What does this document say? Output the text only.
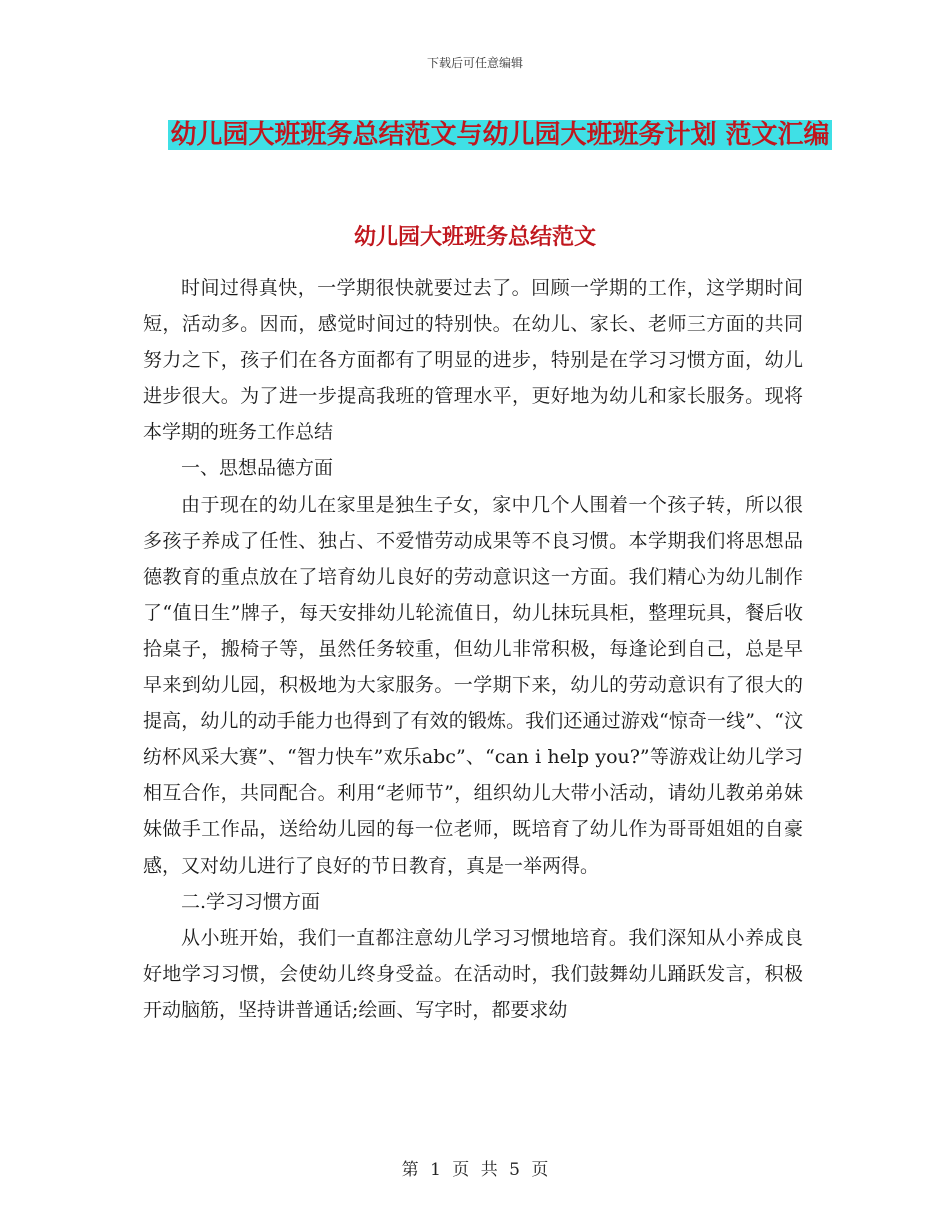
下载后可任意编辑
幼儿园大班班务总结范文与幼儿园大班班务计划 范文汇编
幼儿园大班班务总结范文

时间过得真快，一学期很快就要过去了。回顾一学期的工作，这学期时间短，活动多。因而，感觉时间过的特别快。在幼儿、家长、老师三方面的共同努力之下，孩子们在各方面都有了明显的进步，特别是在学习习惯方面，幼儿进步很大。为了进一步提高我班的管理水平，更好地为幼儿和家长服务。现将本学期的班务工作总结

一、思想品德方面

由于现在的幼儿在家里是独生子女，家中几个人围着一个孩子转，所以很多孩子养成了任性、独占、不爱惜劳动成果等不良习惯。本学期我们将思想品德教育的重点放在了培育幼儿良好的劳动意识这一方面。我们精心为幼儿制作了“值日生”牌子，每天安排幼儿轮流值日，幼儿抹玩具柜，整理玩具，餐后收拾桌子，搬椅子等，虽然任务较重，但幼儿非常积极，每逢论到自己，总是早早来到幼儿园，积极地为大家服务。一学期下来，幼儿的劳动意识有了很大的提高，幼儿的动手能力也得到了有效的锻炼。我们还通过游戏“惊奇一线”、“汶纺杯风采大赛”、“智力快车”欢乐abc”、“can i help you?”等游戏让幼儿学习相互合作，共同配合。利用“老师节”，组织幼儿大带小活动，请幼儿教弟弟妹妹做手工作品，送给幼儿园的每一位老师，既培育了幼儿作为哥哥姐姐的自豪感，又对幼儿进行了良好的节日教育，真是一举两得。

二.学习习惯方面

从小班开始，我们一直都注意幼儿学习习惯地培育。我们深知从小养成良好地学习习惯，会使幼儿终身受益。在活动时，我们鼓舞幼儿踊跃发言，积极开动脑筋，坚持讲普通话;绘画、写字时，都要求幼

第 1 页 共 5 页
